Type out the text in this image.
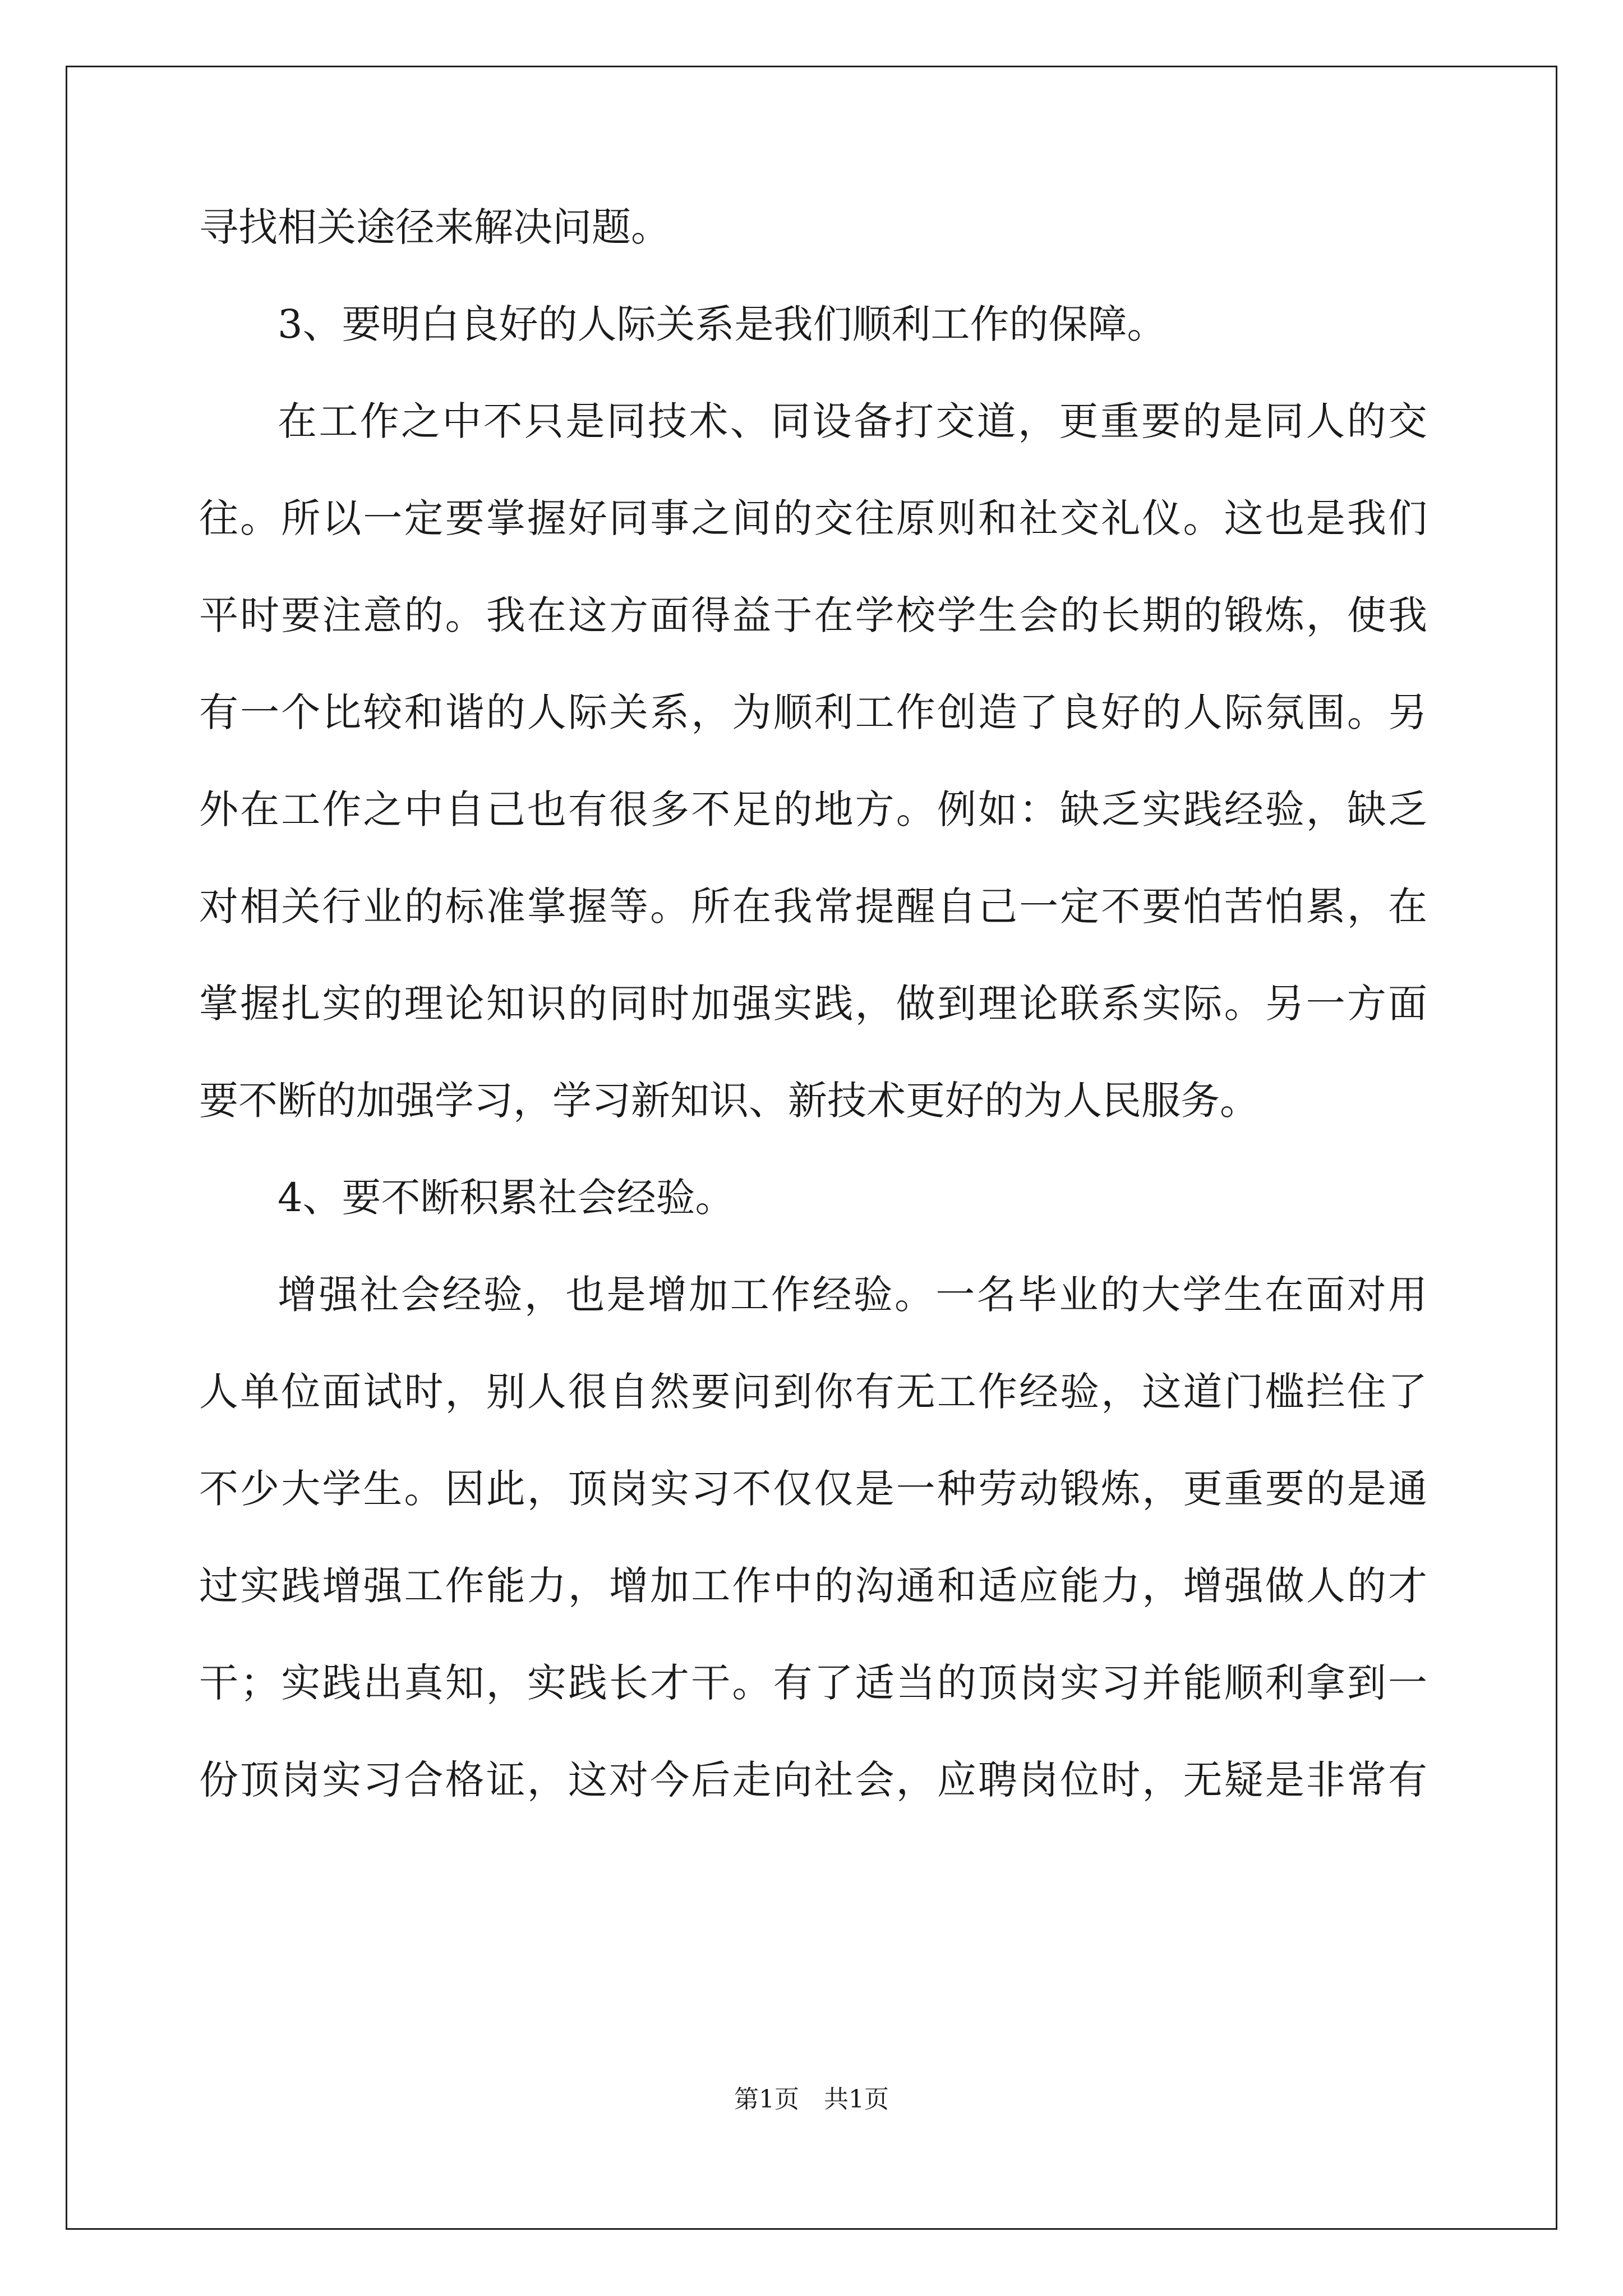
寻找相关途径来解决问题。
3、要明白良好的人际关系是我们顺利工作的保障。
在工作之中不只是同技术、同设备打交道，更重要的是同人的交
往。所以一定要掌握好同事之间的交往原则和社交礼仪。这也是我们
平时要注意的。我在这方面得益于在学校学生会的长期的锻炼，使我
有一个比较和谐的人际关系，为顺利工作创造了良好的人际氛围。另
外在工作之中自己也有很多不足的地方。例如：缺乏实践经验，缺乏
对相关行业的标准掌握等。所在我常提醒自己一定不要怕苦怕累，在
掌握扎实的理论知识的同时加强实践，做到理论联系实际。另一方面
要不断的加强学习，学习新知识、新技术更好的为人民服务。
4、要不断积累社会经验。
增强社会经验，也是增加工作经验。一名毕业的大学生在面对用
人单位面试时，别人很自然要问到你有无工作经验，这道门槛拦住了
不少大学生。因此，顶岗实习不仅仅是一种劳动锻炼，更重要的是通
过实践增强工作能力，增加工作中的沟通和适应能力，增强做人的才
干；实践出真知，实践长才干。有了适当的顶岗实习并能顺利拿到一
份顶岗实习合格证，这对今后走向社会，应聘岗位时，无疑是非常有
第1页　共1页
